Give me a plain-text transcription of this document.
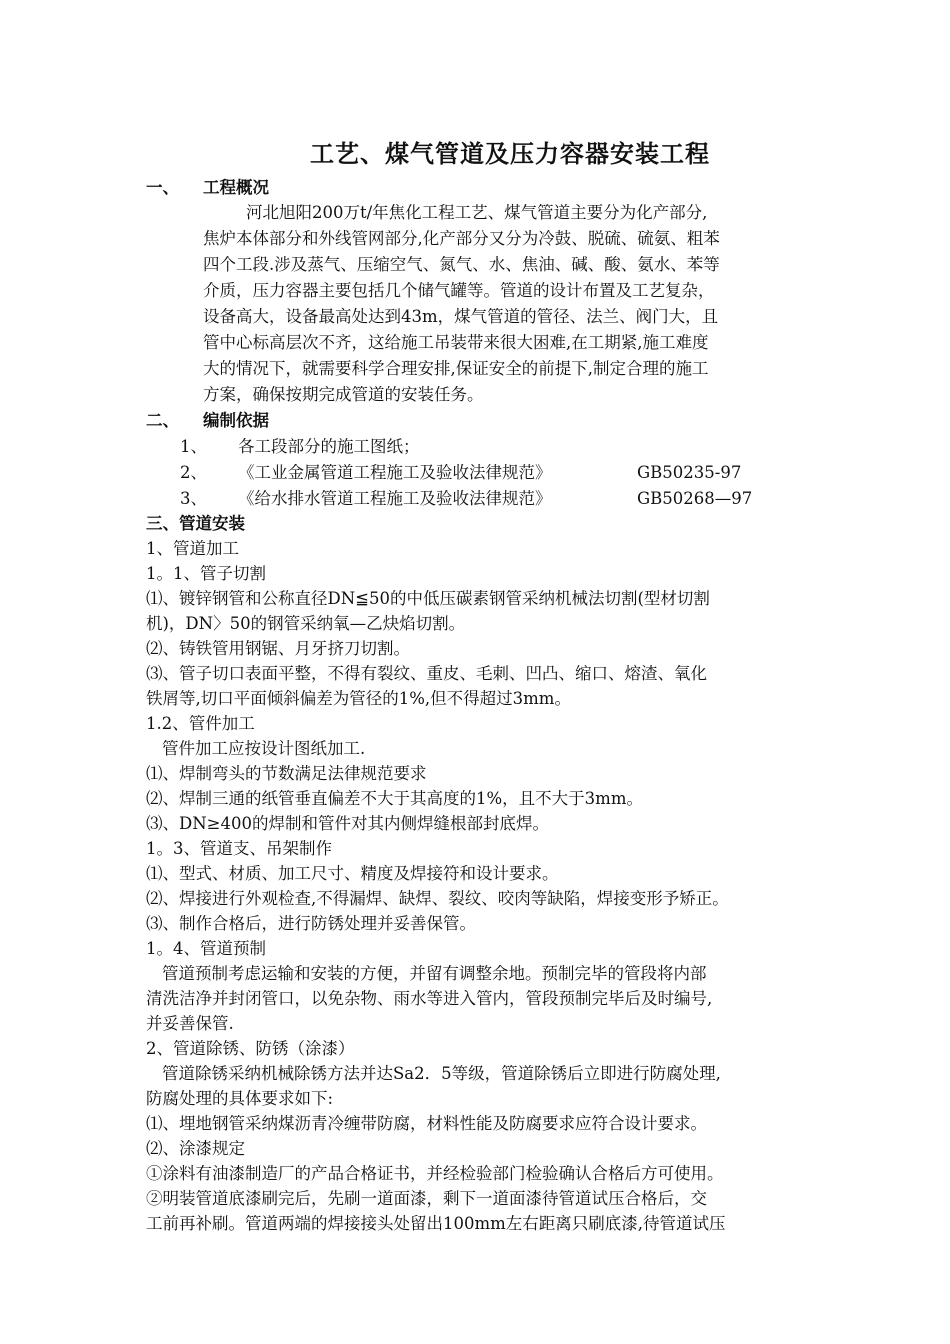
工艺、煤气管道及压力容器安装工程
一、 工程概况
河北旭阳200万t/年焦化工程工艺、煤气管道主要分为化产部分,
焦炉本体部分和外线管网部分,化产部分又分为冷鼓、脱硫、硫氨、粗苯
四个工段.涉及蒸气、压缩空气、氮气、水、焦油、碱、酸、氨水、苯等
介质，压力容器主要包括几个储气罐等。管道的设计布置及工艺复杂，
设备高大，设备最高处达到43m，煤气管道的管径、法兰、阀门大，且
管中心标高层次不齐，这给施工吊装带来很大困难,在工期紧,施工难度
大的情况下，就需要科学合理安排,保证安全的前提下,制定合理的施工
方案，确保按期完成管道的安装任务。
二、 编制依据
1、 各工段部分的施工图纸；
2、 《工业金属管道工程施工及验收法律规范》	GB50235-97
3、 《给水排水管道工程施工及验收法律规范》	GB50268—97
三、管道安装
1、管道加工
1。1、管子切割
⑴、镀锌钢管和公称直径DN≦50的中低压碳素钢管采纳机械法切割(型材切割
机)，DN〉50的钢管采纳氧—乙炔焰切割。
⑵、铸铁管用钢锯、月牙挤刀切割。
⑶、管子切口表面平整，不得有裂纹、重皮、毛刺、凹凸、缩口、熔渣、氧化
铁屑等,切口平面倾斜偏差为管径的1%,但不得超过3mm。
1.2、管件加工
管件加工应按设计图纸加工.
⑴、焊制弯头的节数满足法律规范要求
⑵、焊制三通的纸管垂直偏差不大于其高度的1%，且不大于3mm。
⑶、DN≥400的焊制和管件对其内侧焊缝根部封底焊。
1。3、管道支、吊架制作
⑴、型式、材质、加工尺寸、精度及焊接符和设计要求。
⑵、焊接进行外观检查,不得漏焊、缺焊、裂纹、咬肉等缺陷，焊接变形予矫正。
⑶、制作合格后，进行防锈处理并妥善保管。
1。4、管道预制
管道预制考虑运输和安装的方便，并留有调整余地。预制完毕的管段将内部
清洗洁净并封闭管口，以免杂物、雨水等进入管内，管段预制完毕后及时编号,
并妥善保管.
2、管道除锈、防锈（涂漆）
管道除锈采纳机械除锈方法并达Sa2．5等级，管道除锈后立即进行防腐处理,
防腐处理的具体要求如下:
⑴、埋地钢管采纳煤沥青冷缠带防腐，材料性能及防腐要求应符合设计要求。
⑵、涂漆规定
①涂料有油漆制造厂的产品合格证书，并经检验部门检验确认合格后方可使用。
②明装管道底漆刷完后，先刷一道面漆，剩下一道面漆待管道试压合格后，交
工前再补刷。管道两端的焊接接头处留出100mm左右距离只刷底漆,待管道试压
